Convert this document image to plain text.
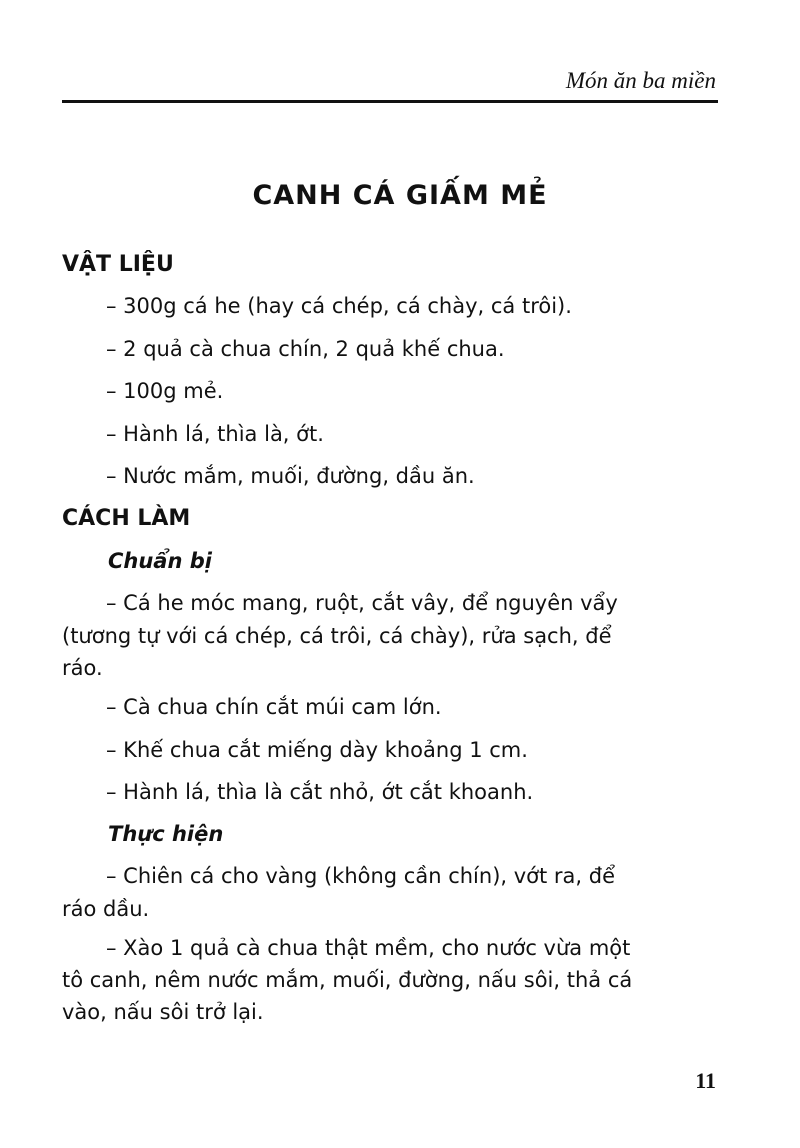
Món ăn ba miền
CANH CÁ GIẤM MẺ
VẬT LIỆU
– 300g cá he (hay cá chép, cá chày, cá trôi).
– 2 quả cà chua chín, 2 quả khế chua.
– 100g mẻ.
– Hành lá, thìa là, ớt.
– Nước mắm, muối, đường, dầu ăn.
CÁCH LÀM
Chuẩn bị
– Cá he móc mang, ruột, cắt vây, để nguyên vẩy
(tương tự với cá chép, cá trôi, cá chày), rửa sạch, để
ráo.
– Cà chua chín cắt múi cam lớn.
– Khế chua cắt miếng dày khoảng 1 cm.
– Hành lá, thìa là cắt nhỏ, ớt cắt khoanh.
Thực hiện
– Chiên cá cho vàng (không cần chín), vớt ra, để
ráo dầu.
– Xào 1 quả cà chua thật mềm, cho nước vừa một
tô canh, nêm nước mắm, muối, đường, nấu sôi, thả cá
vào, nấu sôi trở lại.
11
